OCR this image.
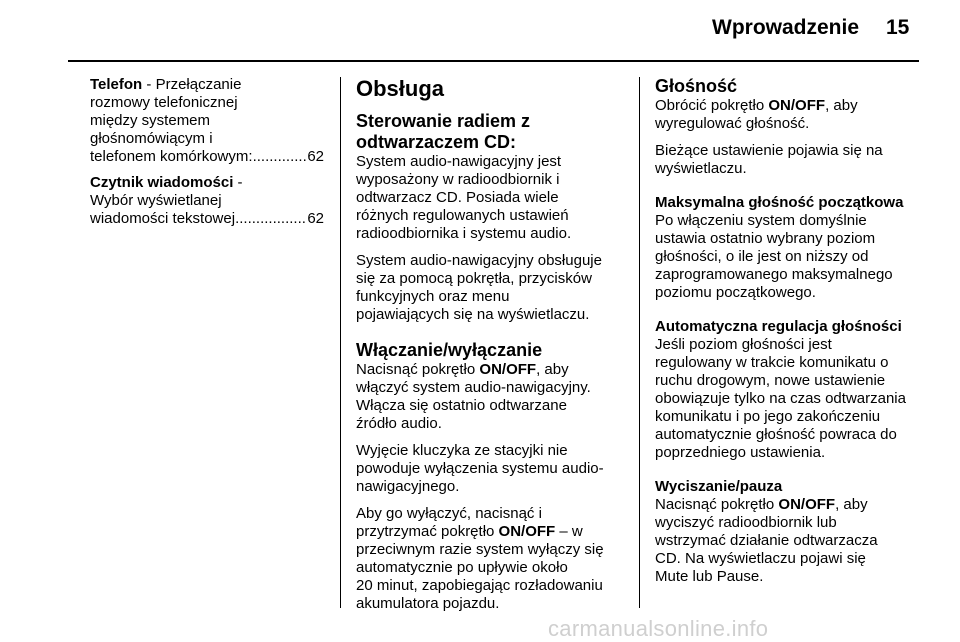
Wprowadzenie 15
Telefon - Przełączanie
rozmowy telefonicznej
między systemem
głośnomówiącym i
telefonem komórkowym: .....	62
Czytnik wiadomości -
Wybór wyświetlanej
wiadomości tekstowej .....	62
Obsługa
Sterowanie radiem z
odtwarzaczem CD:

System audio-nawigacyjny jest
wyposażony w radioodbiornik i
odtwarzacz CD. Posiada wiele
różnych regulowanych ustawień
radioodbiornika i systemu audio.

System audio-nawigacyjny obsługuje
się za pomocą pokrętła, przycisków
funkcyjnych oraz menu
pojawiających się na wyświetlaczu.

Włączanie/wyłączanie

Nacisnąć pokrętło ON/OFF, aby
włączyć system audio-nawigacyjny.
Włącza się ostatnio odtwarzane
źródło audio.

Wyjęcie kluczyka ze stacyjki nie
powoduje wyłączenia systemu audio-
nawigacyjnego.

Aby go wyłączyć, nacisnąć i
przytrzymać pokrętło ON/OFF – w
przeciwnym razie system wyłączy się
automatycznie po upływie około
20 minut, zapobiegając rozładowaniu
akumulatora pojazdu.

Głośność

Obrócić pokrętło ON/OFF, aby
wyregulować głośność.

Bieżące ustawienie pojawia się na
wyświetlaczu.

Maksymalna głośność początkowa

Po włączeniu system domyślnie
ustawia ostatnio wybrany poziom
głośności, o ile jest on niższy od
zaprogramowanego maksymalnego
poziomu początkowego.

Automatyczna regulacja głośności

Jeśli poziom głośności jest
regulowany w trakcie komunikatu o
ruchu drogowym, nowe ustawienie
obowiązuje tylko na czas odtwarzania
komunikatu i po jego zakończeniu
automatycznie głośność powraca do
poprzedniego ustawienia.

Wyciszanie/pauza

Nacisnąć pokrętło ON/OFF, aby
wyciszyć radioodbiornik lub
wstrzymać działanie odtwarzacza
CD. Na wyświetlaczu pojawi się
Mute lub Pause.

carmanualsonline.info
